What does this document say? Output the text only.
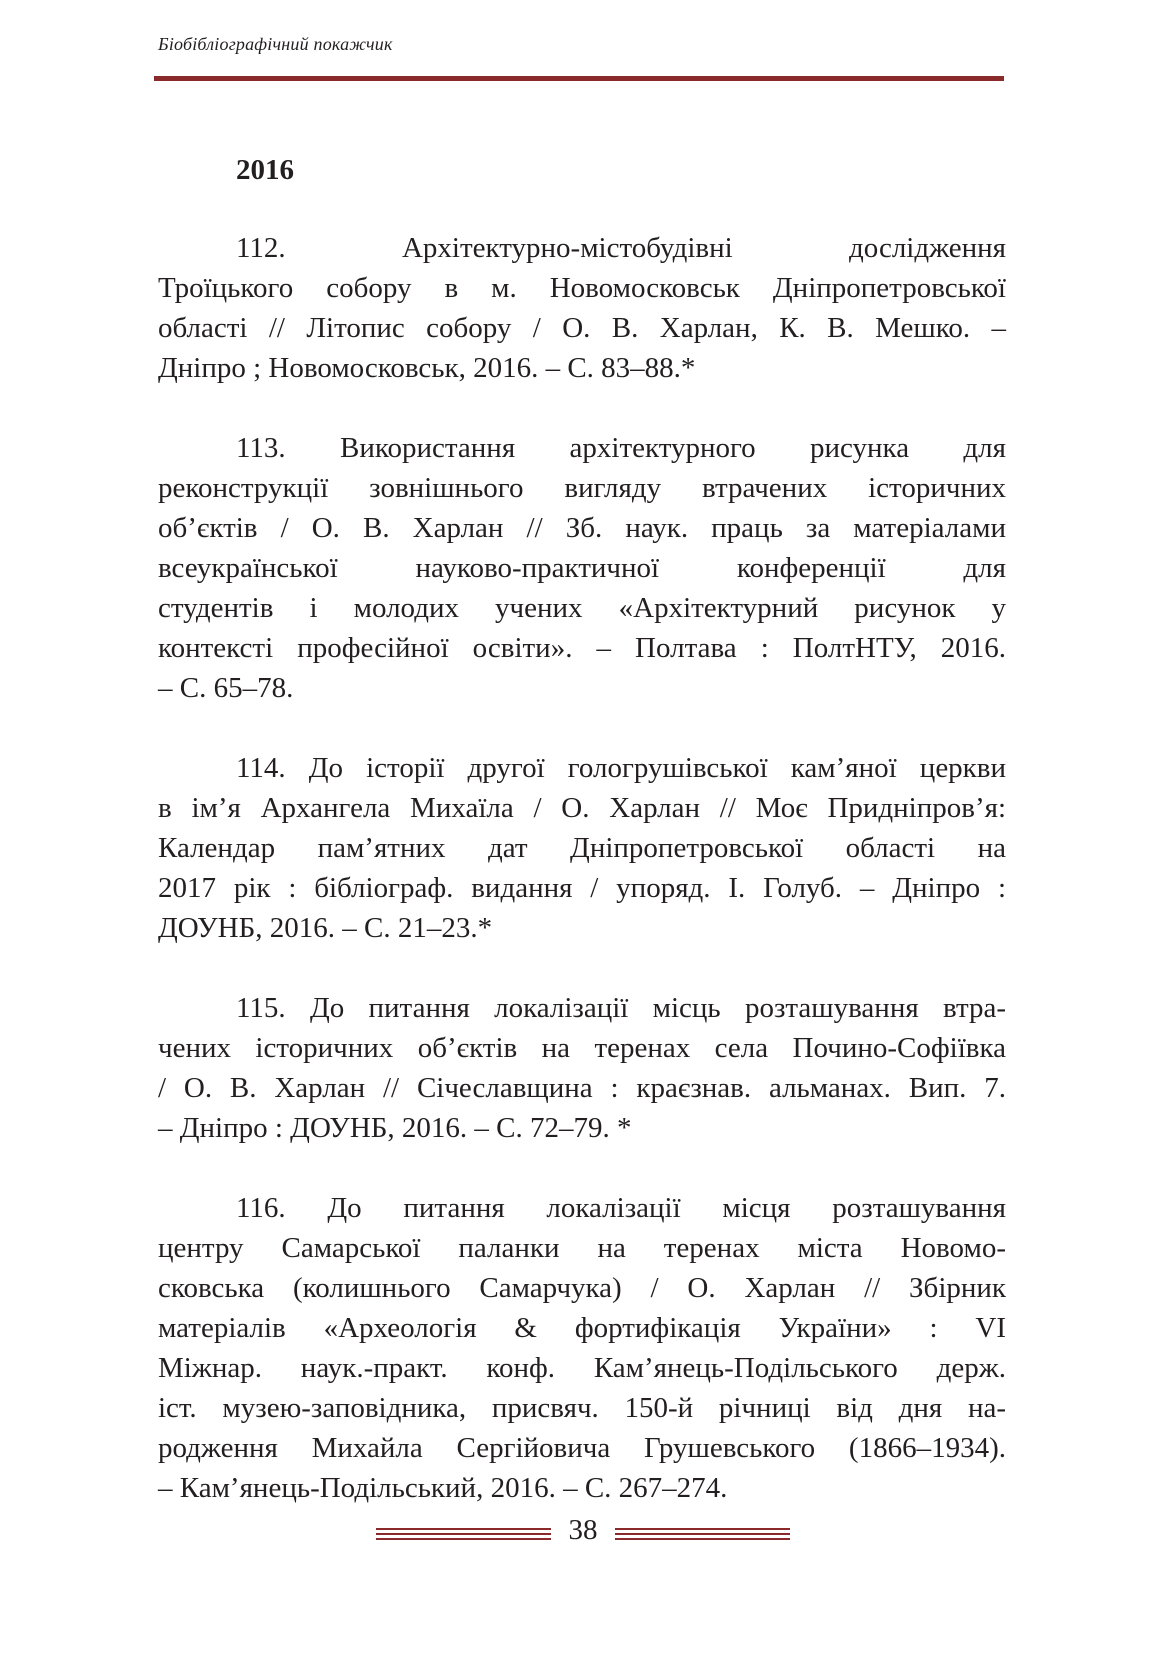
Біобібліографічний покажчик
2016
112. Архітектурно-містобудівні дослідження
Троїцького собору в м. Новомосковськ Дніпропетровської
області // Літопис собору / О. В. Харлан, К. В. Мешко. –
Дніпро ; Новомосковськ, 2016. – С. 83–88.*
113. Використання архітектурного рисунка для
реконструкції зовнішнього вигляду втрачених історичних
об’єктів / О. В. Харлан // Зб. наук. праць за матеріалами
всеукраїнської науково-практичної конференції для
студентів і молодих учених «Архітектурний рисунок у
контексті професійної освіти». – Полтава : ПолтНТУ, 2016.
– С. 65–78.
114. До історії другої гологрушівської кам’яної церкви
в ім’я Архангела Михаїла / О. Харлан // Моє Придніпров’я:
Календар пам’ятних дат Дніпропетровської області на
2017 рік : бібліограф. видання / упоряд. І. Голуб. – Дніпро :
ДОУНБ, 2016. – С. 21–23.*
115. До питання локалізації місць розташування втра-
чених історичних об’єктів на теренах села Почино-Софіївка
/ О. В. Харлан // Січеславщина : краєзнав. альманах. Вип. 7.
– Дніпро : ДОУНБ, 2016. – С. 72–79. *
116. До питання локалізації місця розташування
центру Самарської паланки на теренах міста Новомо-
сковська (колишнього Самарчука) / О. Харлан // Збірник
матеріалів «Археологія & фортифікація України» : VI
Міжнар. наук.-практ. конф. Кам’янець-Подільського держ.
іст. музею-заповідника, присвяч. 150-й річниці від дня на-
родження Михайла Сергійовича Грушевського (1866–1934).
– Кам’янець-Подільський, 2016. – С. 267–274.
38
